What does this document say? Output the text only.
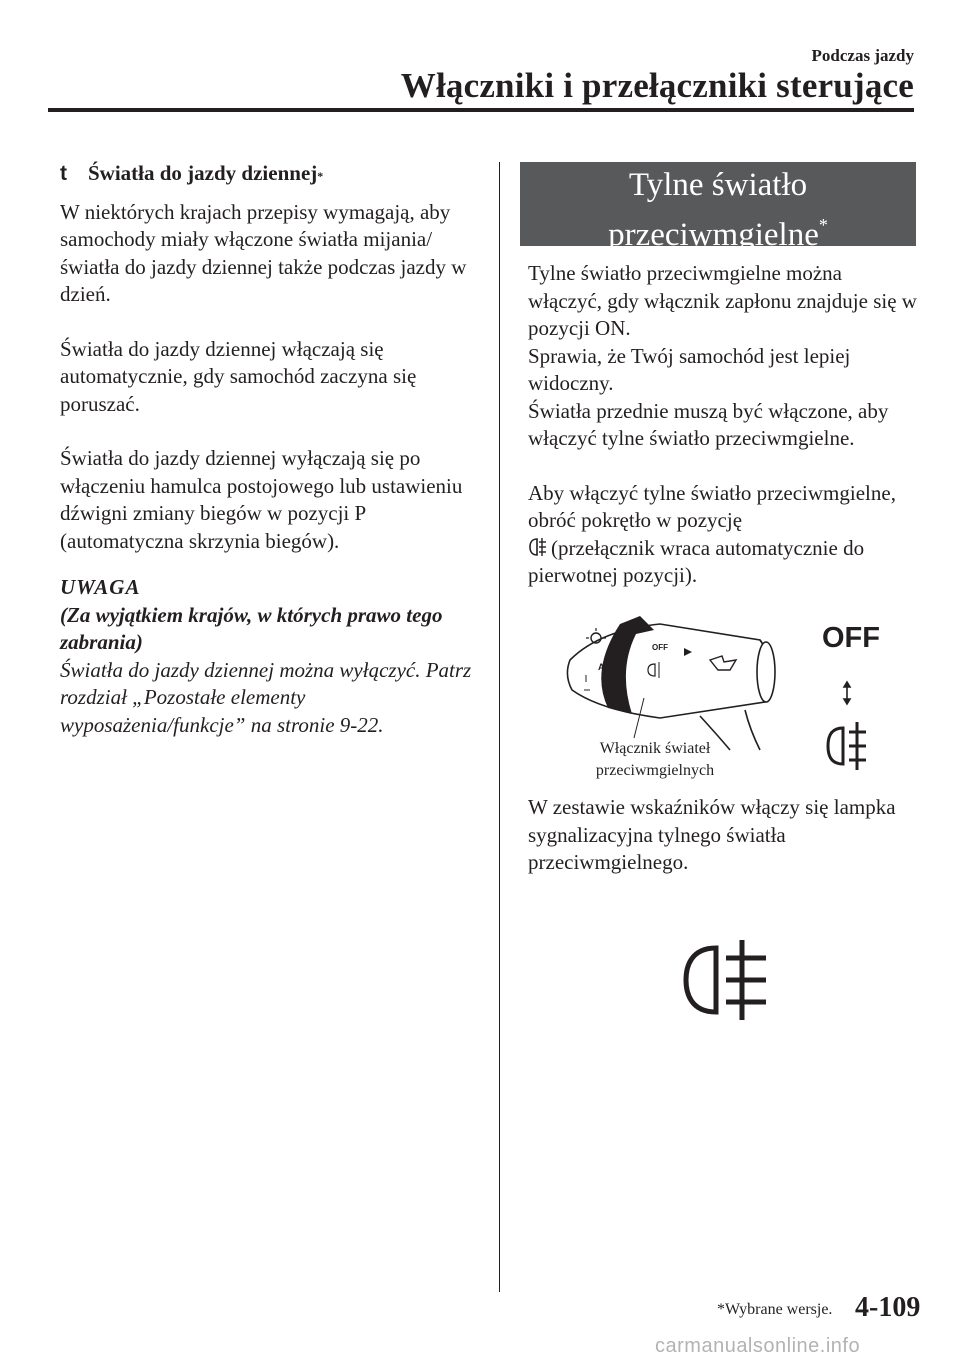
Podczas jazdy
Włączniki i przełączniki sterujące
t	Światła do jazdy dziennej *

W niektórych krajach przepisy wymagają, aby samochody miały włączone światła mijania/światła do jazdy dziennej także podczas jazdy w dzień.

Światła do jazdy dziennej włączają się automatycznie, gdy samochód zaczyna się poruszać.

Światła do jazdy dziennej wyłączają się po włączeniu hamulca postojowego lub ustawieniu dźwigni zmiany biegów w pozycji P (automatyczna skrzynia biegów).

UWAGA
(Za wyjątkiem krajów, w których prawo tego zabrania)
Światła do jazdy dziennej można wyłączyć. Patrz rozdział „Pozostałe elementy wyposażenia/funkcje” na stronie 9-22.
Tylne światło
przeciwmgielne*

Tylne światło przeciwmgielne można włączyć, gdy włącznik zapłonu znajduje się w pozycji ON.
Sprawia, że Twój samochód jest lepiej widoczny.
Światła przednie muszą być włączone, aby włączyć tylne światło przeciwmgielne.

Aby włączyć tylne światło przeciwmgielne, obróć pokrętło w pozycję
(przełącznik wraca automatycznie do pierwotnej pozycji).

AUTO
OFF	OFF
Włącznik świateł
przeciwmgielnych
W zestawie wskaźników włączy się lampka sygnalizacyjna tylnego światła przeciwmgielnego.
*Wybrane wersje. 4-109
carmanualsonline.info
